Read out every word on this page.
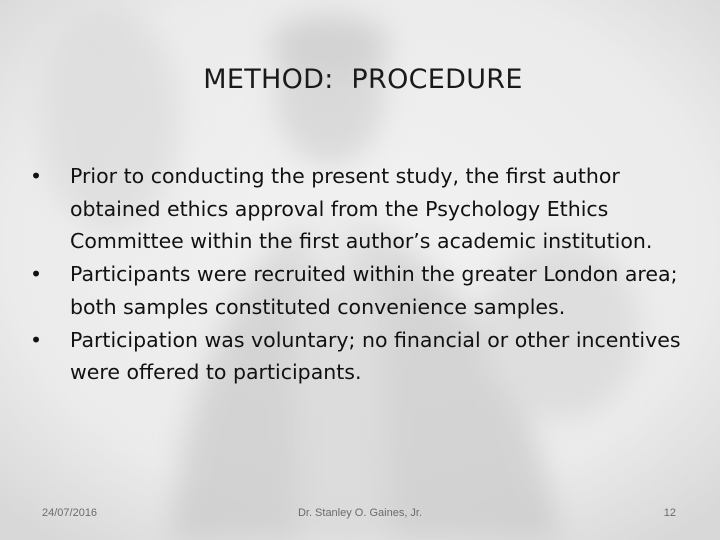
METHOD:  PROCEDURE
•	Prior to conducting the present study, the first author obtained ethics approval from the Psychology Ethics Committee within the first author’s academic institution.
•	Participants were recruited within the greater London area; both samples constituted convenience samples.
•	Participation was voluntary; no financial or other incentives were offered to participants.
24/07/2016	Dr. Stanley O. Gaines, Jr.	12
